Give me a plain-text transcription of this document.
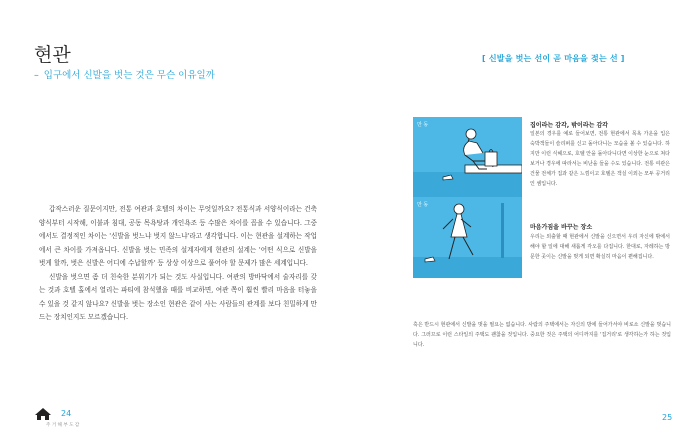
현관
– 입구에서 신발을 벗는 것은 무슨 이유일까
[ 신발을 벗는 선이 곧 마음을 젖는 선 ]
만 동
만 동
집이라는 감각, 밖이라는 감각
일본의 경우를 예로 들어보면, 전통 현관에서 목욕 가운을 입은 숙박객들이 슬리퍼를 신고 돌아다니는 모습을 볼 수 있습니다. 하지만 이런 식헤으로, 호텔 안을 돌아다니다면 이상한 눈으로 쳐다보거나 경우에 따라서는 비난을 들을 수도 있습니다. 전통 여관은 건물 전체가 집과 같은 느낌이고 호텔은 객실 이외는 모두 공거리인 셈입니다.
마음가짐을 바꾸는 장소
우리는 외출할 때 현관에서 신발을 신으면서 우리 자신에 밖에서 해야 할 일에 대해 새롭게 각오를 다집니다. 한대로, 자레하는 방문한 곳이는 신발을 벗게 되면 확실히 마음이 편해집니다.

갑작스러운 질문이지만, 전통 여관과 호텔의 차이는 무엇일까요? 전통식과 서양식이라는 건축 양식부터 시작해, 이불과 침대, 공동 목욕탕과 개인욕조 등 수많은 차이를 꼽을 수 있습니다. 그중에서도 결정적인 차이는 '신발을 벗느냐 벗지 않느냐'라고 생각합니다. 이는 현관을 설계하는 작업에서 큰 차이를 가져옵니다. 신발을 벗는 민족의 설계자에게 현관의 설계는 '어떤 식으로 신발을 벗게 할까, 벗은 신발은 어디에 수납할까' 등 상상 이상으로 풀어야 할 문제가 많은 세계입니다.

신발을 벗으면 좀 더 친숙한 분위기가 되는 것도 사실입니다. 여관의 방바닥에서 술자리를 갖는 것과 호텔 홀에서 열리는 파티에 참석했을 때를 비교하면, 여관 쪽이 훨씬 빨리 마음을 터놓을 수 있을 것 같지 않나요? 신발을 벗는 장소인 현관은 같이 사는 사람들의 관계를 보다 친밀하게 만드는 장치인지도 모르겠습니다.

혹은 반드시 현관에서 신발을 벗을 필요는 없습니다. 사람의 주택에서는 자신의 방에 들어가서야 비로소 신발을 벗습니다. 그러므로 이런 스타일의 주택도 괜찮을 것입니다. 중요한 것은 주택의 어디까지를 '집거리'로 생각하는가 하는 것입니다.
24
주 거 해 부 도 감
25
